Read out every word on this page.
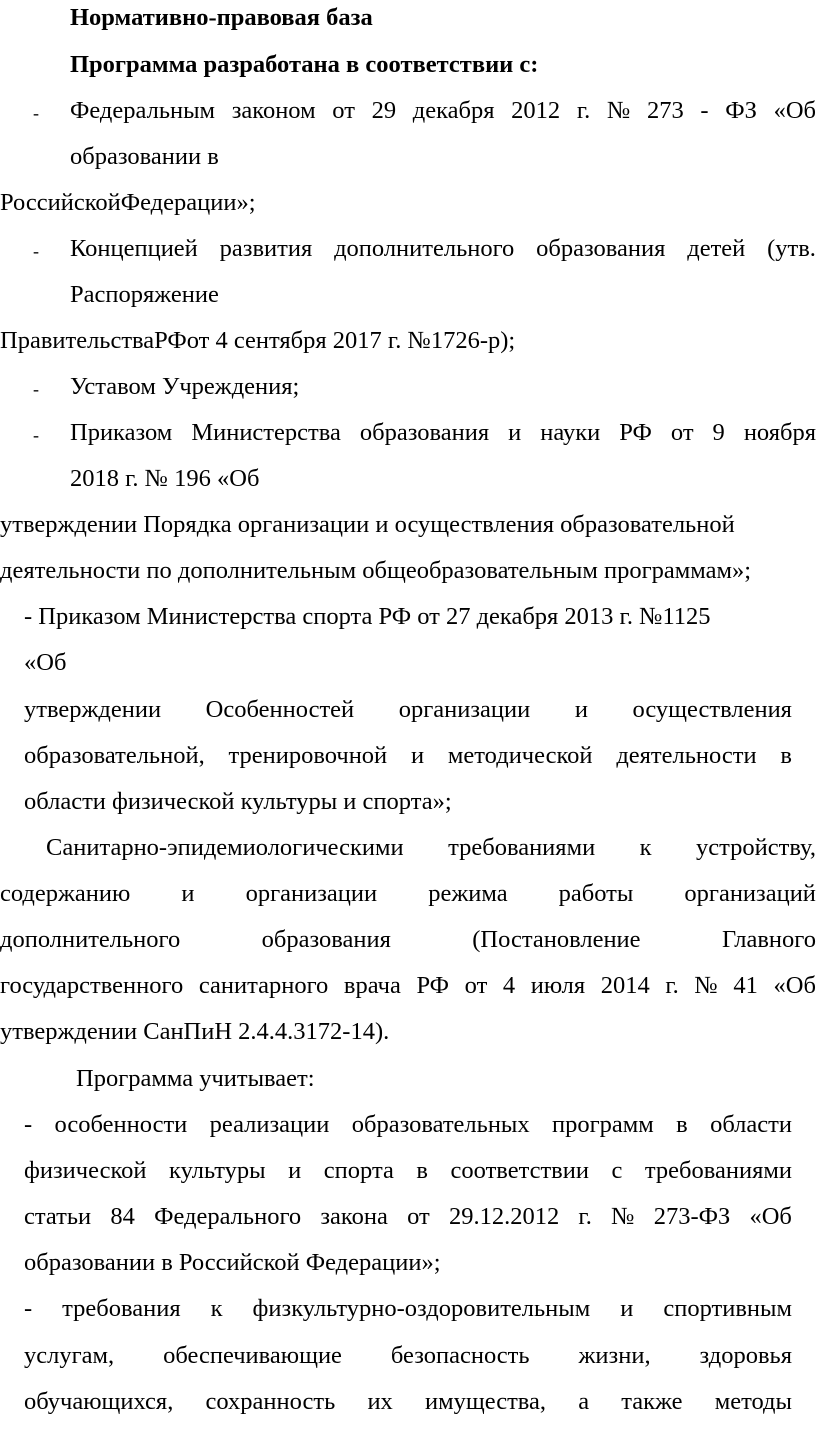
Нормативно-правовая база
Программа разработана в соответствии с:
- Федеральным законом от 29 декабря 2012 г. № 273 - ФЗ «Об
образовании в
РоссийскойФедерации»;
- Концепцией развития дополнительного образования детей (утв.
Распоряжение
ПравительстваРФот 4 сентября 2017 г. №1726-р);
- Уставом Учреждения;
- Приказом Министерства образования и науки РФ от 9 ноября
2018 г. № 196 «Об
утверждении Порядка организации и осуществления образовательной
деятельности по дополнительным общеобразовательным программам»;
- Приказом Министерства спорта РФ от 27 декабря 2013 г. №1125
«Об
утверждении Особенностей организации и осуществления
образовательной, тренировочной и методической деятельности в
области физической культуры и спорта»;
Санитарно-эпидемиологическими требованиями к устройству,
содержанию и организации режима работы организаций
дополнительного	образования	(Постановление	Главного
государственного санитарного врача РФ от 4 июля 2014 г. № 41 «Об
утверждении СанПиН 2.4.4.3172-14).
Программа учитывает:
- особенности реализации образовательных программ в области
физической культуры и спорта в соответствии с требованиями
статьи 84 Федерального закона от 29.12.2012 г. № 273-ФЗ «Об
образовании в Российской Федерации»;
- требования к физкультурно-оздоровительным и спортивным
услугам, обеспечивающие безопасность жизни, здоровья
обучающихся, сохранность их имущества, а также методы
